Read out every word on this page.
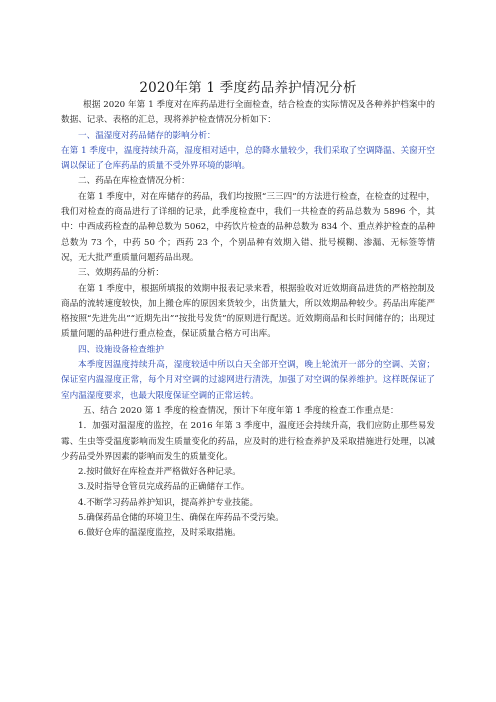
2020年第 1 季度药品养护情况分析

根据 2020 年第 1 季度对在库药品进行全面检查，结合检查的实际情况及各种养护档案中的数据、记录、表格的汇总，现将养护检查情况分析如下：

一、温湿度对药品储存的影响分析：

在第 1 季度中，温度持续升高，湿度相对适中，总的降水量较少，我们采取了空调降温、关窗开空调以保证了仓库药品的质量不受外界环境的影响。

二、药品在库检查情况分析：

在第 1 季度中，对在库储存的药品，我们均按照“三三四”的方法进行检查，在检查的过程中，我们对检查的商品进行了详细的记录，此季度检查中，我们一共检查的药品总数为 5896 个，其中：中西成药检查的品种总数为 5062，中药饮片检查的品种总数为 834 个、重点养护检查的品种总数为 73 个，中药 50 个；西药 23 个，个别品种有效期入错、批号模糊、渗漏、无标签等情况，无大批严重质量问题药品出现。

三、效期药品的分析：

在第 1 季度中，根据所填报的效期申报表记录来看，根据验收对近效期商品进货的严格控制及商品的流转速度较快，加上搬仓库的原因来货较少，出货量大，所以效期品种较少。药品出库能严格按照“先进先出”“近期先出”“按批号发货”的原则进行配送。近效期商品和长时间储存的；出现过质量问题的品种进行重点检查，保证质量合格方可出库。

四、设施设备检查维护

本季度因温度持续升高，湿度较适中所以白天全部开空调，晚上轮流开一部分的空调、关窗；保证室内温湿度正常，每个月对空调的过滤网进行清洗，加强了对空调的保养维护。这样既保证了室内温湿度要求，也最大限度保证空调的正常运转。

五、结合 2020 第 1 季度的检查情况，预计下年度年第 1 季度的检查工作重点是：

1．加强对温湿度的监控，在 2016 年第 3 季度中，温度还会持续升高，我们应防止那些易发霉、生虫等受温度影响而发生质量变化的药品，应及时的进行检查养护及采取措施进行处理，以减少药品受外界因素的影响而发生的质量变化。

2.按时做好在库检查并严格做好各种记录。

3.及时指导仓管员完成药品的正确储存工作。

4.不断学习药品养护知识，提高养护专业技能。

5.确保药品仓储的环境卫生、确保在库药品不受污染。

6.做好仓库的温湿度监控，及时采取措施。
